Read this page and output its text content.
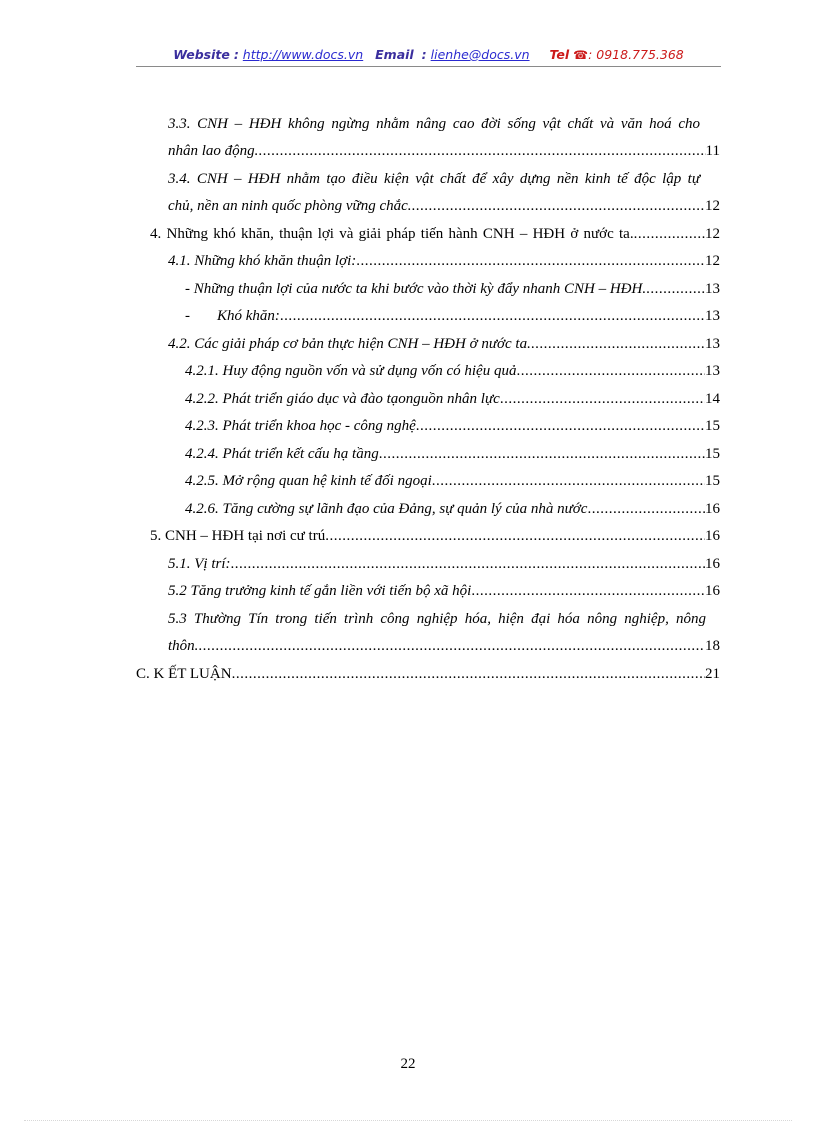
Website : http://www.docs.vn Email : lienhe@docs.vn Tel ☎: 0918.775.368
3.3. CNH – HĐH không ngừng nhằm nâng cao đời sống vật chất và văn hoá cho
nhân lao động. .....	11
3.4. CNH – HĐH nhằm tạo điều kiện vật chất để xây dựng nền kinh tế độc lập tự
chủ, nền an ninh quốc phòng vững chắc. .....	12
4. Những khó khăn, thuận lợi và giải pháp tiến hành CNH – HĐH ở nước ta. .....	12
4.1. Những khó khăn thuận lợi: .....	12
- Những thuận lợi của nước ta khi bước vào thời kỳ đẩy nhanh CNH – HĐH. .....	13
-	Khó khăn: .....	13
4.2. Các giải pháp cơ bản thực hiện CNH – HĐH ở nước ta. .....	13
4.2.1. Huy động nguồn vốn và sử dụng vốn có hiệu quả .....	13
4.2.2. Phát triển giáo dục và đào tạonguồn nhân lực .....	14
4.2.3. Phát triển khoa học - công nghệ .....	15
4.2.4. Phát triển kết cấu hạ tầng .....	15
4.2.5. Mở rộng quan hệ kinh tế đối ngoại .....	15
4.2.6. Tăng cường sự lãnh đạo của Đảng, sự quản lý của nhà nước .....	16
5. CNH – HĐH tại nơi cư trú .....	16
5.1. Vị trí: .....	16
5.2 Tăng trưởng kinh tế gắn liền với tiến bộ xã hội .....	16
5.3 Thường Tín trong tiến trình công nghiệp hóa, hiện đại hóa nông nghiệp, nông
thôn. .....	18
C. K ẾT LUẬN .....	21
22
